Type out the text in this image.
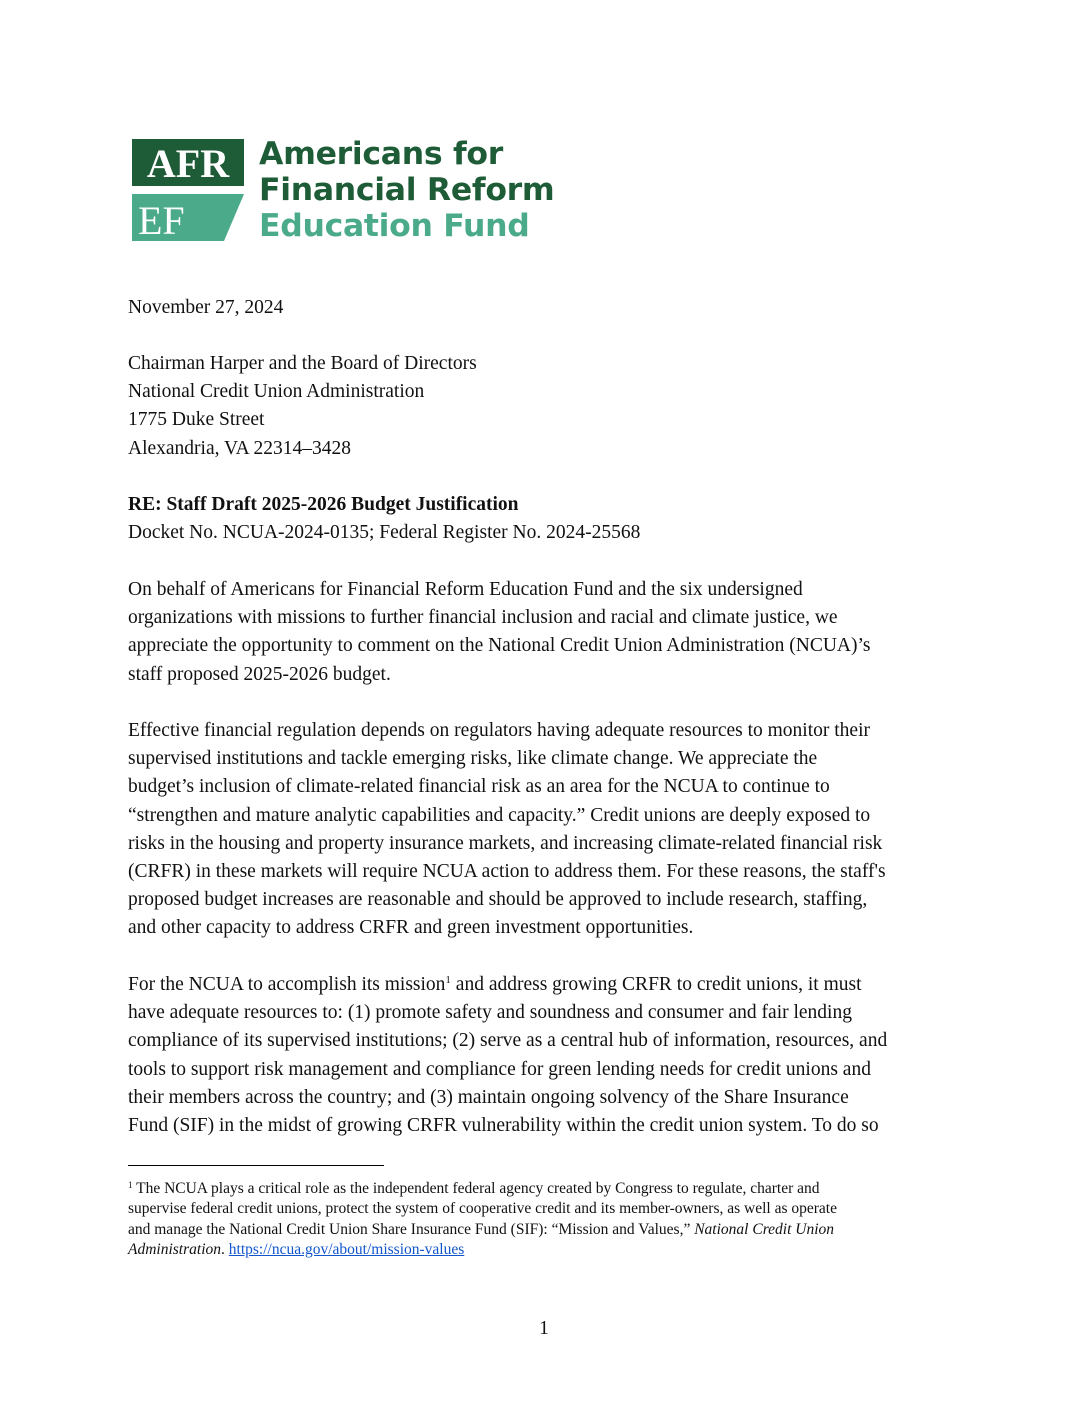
AFR
EF
Americans for
Financial Reform
Education Fund
November 27, 2024
Chairman Harper and the Board of Directors
National Credit Union Administration
1775 Duke Street
Alexandria, VA 22314–3428
RE: Staff Draft 2025-2026 Budget Justification
Docket No. NCUA-2024-0135; Federal Register No. 2024-25568
On behalf of Americans for Financial Reform Education Fund and the six undersigned
organizations with missions to further financial inclusion and racial and climate justice, we
appreciate the opportunity to comment on the National Credit Union Administration (NCUA)’s
staff proposed 2025-2026 budget.
Effective financial regulation depends on regulators having adequate resources to monitor their
supervised institutions and tackle emerging risks, like climate change. We appreciate the
budget’s inclusion of climate-related financial risk as an area for the NCUA to continue to
“strengthen and mature analytic capabilities and capacity.” Credit unions are deeply exposed to
risks in the housing and property insurance markets, and increasing climate-related financial risk
(CRFR) in these markets will require NCUA action to address them. For these reasons, the staff's
proposed budget increases are reasonable and should be approved to include research, staffing,
and other capacity to address CRFR and green investment opportunities.
For the NCUA to accomplish its mission$^1$ and address growing CRFR to credit unions, it must
have adequate resources to: (1) promote safety and soundness and consumer and fair lending
compliance of its supervised institutions; (2) serve as a central hub of information, resources, and
tools to support risk management and compliance for green lending needs for credit unions and
their members across the country; and (3) maintain ongoing solvency of the Share Insurance
Fund (SIF) in the midst of growing CRFR vulnerability within the credit union system. To do so
$^1$ The NCUA plays a critical role as the independent federal agency created by Congress to regulate, charter and
supervise federal credit unions, protect the system of cooperative credit and its member-owners, as well as operate
and manage the National Credit Union Share Insurance Fund (SIF): “Mission and Values,” National Credit Union
Administration. https://ncua.gov/about/mission-values
1
